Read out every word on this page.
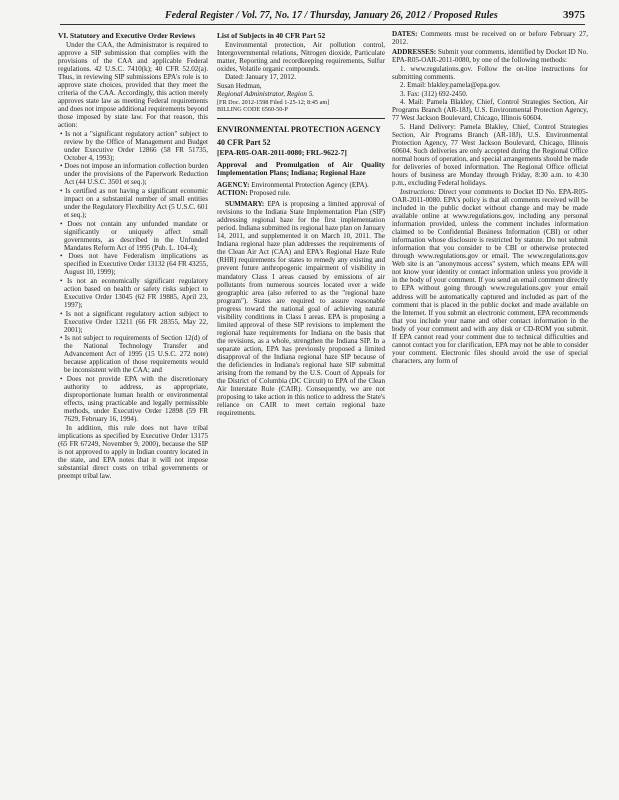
Federal Register / Vol. 77, No. 17 / Thursday, January 26, 2012 / Proposed Rules	3975

VI. Statutory and Executive Order Reviews

Under the CAA, the Administrator is required to approve a SIP submission that complies with the provisions of the CAA and applicable Federal regulations. 42 U.S.C. 7410(k); 40 CFR 52.02(a). Thus, in reviewing SIP submissions EPA's role is to approve state choices, provided that they meet the criteria of the CAA. Accordingly, this action merely approves state law as meeting Federal requirements and does not impose additional requirements beyond those imposed by state law. For that reason, this action:

• Is not a "significant regulatory action" subject to review by the Office of Management and Budget under Executive Order 12866 (58 FR 51735, October 4, 1993);

• Does not impose an information collection burden under the provisions of the Paperwork Reduction Act (44 U.S.C. 3501 et seq.);

• Is certified as not having a significant economic impact on a substantial number of small entities under the Regulatory Flexibility Act (5 U.S.C. 601 et seq.);

• Does not contain any unfunded mandate or significantly or uniquely affect small governments, as described in the Unfunded Mandates Reform Act of 1995 (Pub. L. 104-4);

• Does not have Federalism implications as specified in Executive Order 13132 (64 FR 43255, August 10, 1999);

• Is not an economically significant regulatory action based on health or safety risks subject to Executive Order 13045 (62 FR 19885, April 23, 1997);

• Is not a significant regulatory action subject to Executive Order 13211 (66 FR 28355, May 22, 2001);

• Is not subject to requirements of Section 12(d) of the National Technology Transfer and Advancement Act of 1995 (15 U.S.C. 272 note) because application of those requirements would be inconsistent with the CAA; and

• Does not provide EPA with the discretionary authority to address, as appropriate, disproportionate human health or environmental effects, using practicable and legally permissible methods, under Executive Order 12898 (59 FR 7629, February 16, 1994).

In addition, this rule does not have tribal implications as specified by Executive Order 13175 (65 FR 67249, November 9, 2000), because the SIP is not approved to apply in Indian country located in the state, and EPA notes that it will not impose substantial direct costs on tribal governments or preempt tribal law.

List of Subjects in 40 CFR Part 52

Environmental protection, Air pollution control, Intergovernmental relations, Nitrogen dioxide, Particulate matter, Reporting and recordkeeping requirements, Sulfur oxides, Volatile organic compounds.

Dated: January 17, 2012.

Susan Hedman,

Regional Administrator, Region 5.

[FR Doc. 2012-1598 Filed 1-25-12; 8:45 am]

BILLING CODE 6560-50-P

ENVIRONMENTAL PROTECTION AGENCY

40 CFR Part 52

[EPA-R05-OAR-2011-0080; FRL-9622-7]

Approval and Promulgation of Air Quality Implementation Plans; Indiana; Regional Haze

AGENCY: Environmental Protection Agency (EPA).

ACTION: Proposed rule.

SUMMARY: EPA is proposing a limited approval of revisions to the Indiana State Implementation Plan (SIP) addressing regional haze for the first implementation period. Indiana submitted its regional haze plan on January 14, 2011, and supplemented it on March 10, 2011. The Indiana regional haze plan addresses the requirements of the Clean Air Act (CAA) and EPA's Regional Haze Rule (RHR) requirements for states to remedy any existing and prevent future anthropogenic impairment of visibility in mandatory Class I areas caused by emissions of air pollutants from numerous sources located over a wide geographic area (also referred to as the "regional haze program"). States are required to assure reasonable progress toward the national goal of achieving natural visibility conditions in Class I areas. EPA is proposing a limited approval of these SIP revisions to implement the regional haze requirements for Indiana on the basis that the revisions, as a whole, strengthen the Indiana SIP. In a separate action, EPA has previously proposed a limited disapproval of the Indiana regional haze SIP because of the deficiencies in Indiana's regional haze SIP submittal arising from the remand by the U.S. Court of Appeals for the District of Columbia (DC Circuit) to EPA of the Clean Air Interstate Rule (CAIR). Consequently, we are not proposing to take action in this notice to address the State's reliance on CAIR to meet certain regional haze requirements.

DATES: Comments must be received on or before February 27, 2012.

ADDRESSES: Submit your comments, identified by Docket ID No. EPA-R05-OAR-2011-0080, by one of the following methods:

1. www.regulations.gov. Follow the on-line instructions for submitting comments.

2. Email: blakley.pamela@epa.gov.

3. Fax: (312) 692-2450.

4. Mail: Pamela Blakley, Chief, Control Strategies Section, Air Programs Branch (AR-18J), U.S. Environmental Protection Agency, 77 West Jackson Boulevard, Chicago, Illinois 60604.

5. Hand Delivery: Pamela Blakley, Chief, Control Strategies Section, Air Programs Branch (AR-18J), U.S. Environmental Protection Agency, 77 West Jackson Boulevard, Chicago, Illinois 60604. Such deliveries are only accepted during the Regional Office normal hours of operation, and special arrangements should be made for deliveries of boxed information. The Regional Office official hours of business are Monday through Friday, 8:30 a.m. to 4:30 p.m., excluding Federal holidays.

Instructions: Direct your comments to Docket ID No. EPA-R05-OAR-2011-0080. EPA's policy is that all comments received will be included in the public docket without change and may be made available online at www.regulations.gov, including any personal information provided, unless the comment includes information claimed to be Confidential Business Information (CBI) or other information whose disclosure is restricted by statute. Do not submit information that you consider to be CBI or otherwise protected through www.regulations.gov or email. The www.regulations.gov Web site is an "anonymous access" system, which means EPA will not know your identity or contact information unless you provide it in the body of your comment. If you send an email comment directly to EPA without going through www.regulations.gov your email address will be automatically captured and included as part of the comment that is placed in the public docket and made available on the Internet. If you submit an electronic comment, EPA recommends that you include your name and other contact information in the body of your comment and with any disk or CD-ROM you submit. If EPA cannot read your comment due to technical difficulties and cannot contact you for clarification, EPA may not be able to consider your comment. Electronic files should avoid the use of special characters, any form of
